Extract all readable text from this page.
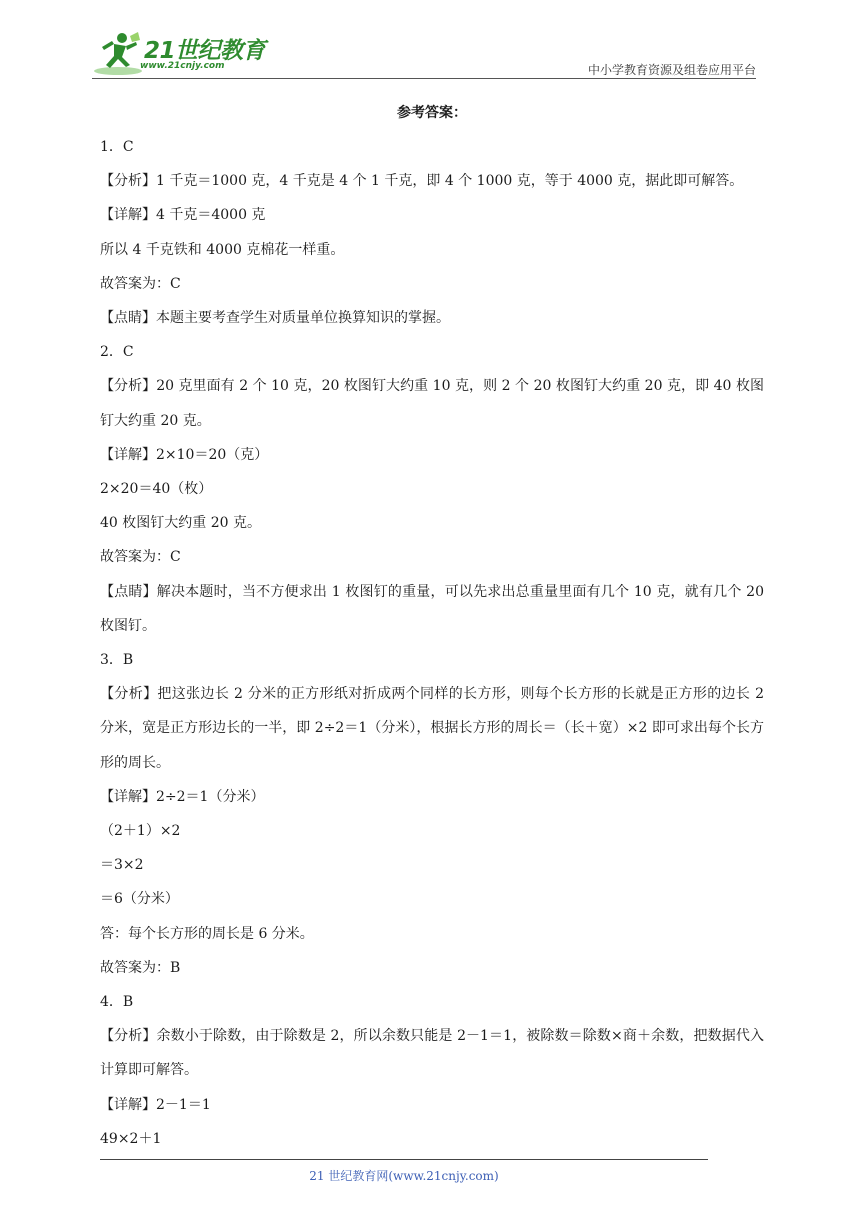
21世纪教育
www.21cnjy.com	中小学教育资源及组卷应用平台

参考答案：

1．C

【分析】1 千克＝1000 克，4 千克是 4 个 1 千克，即 4 个 1000 克，等于 4000 克，据此即可解答。

【详解】4 千克＝4000 克

所以 4 千克铁和 4000 克棉花一样重。

故答案为：C

【点睛】本题主要考查学生对质量单位换算知识的掌握。

2．C

【分析】20 克里面有 2 个 10 克，20 枚图钉大约重 10 克，则 2 个 20 枚图钉大约重 20 克，即 40 枚图钉大约重 20 克。

【详解】2×10＝20（克）

2×20＝40（枚）

40 枚图钉大约重 20 克。

故答案为：C

【点睛】解决本题时，当不方便求出 1 枚图钉的重量，可以先求出总重量里面有几个 10 克，就有几个 20 枚图钉。

3．B

【分析】把这张边长 2 分米的正方形纸对折成两个同样的长方形，则每个长方形的长就是正方形的边长 2 分米，宽是正方形边长的一半，即 2÷2＝1（分米），根据长方形的周长＝（长＋宽）×2 即可求出每个长方形的周长。

【详解】2÷2＝1（分米）

（2＋1）×2

＝3×2

＝6（分米）

答：每个长方形的周长是 6 分米。

故答案为：B

4．B

【分析】余数小于除数，由于除数是 2，所以余数只能是 2－1＝1，被除数＝除数×商＋余数，把数据代入计算即可解答。

【详解】2－1＝1

49×2＋1

21 世纪教育网(www.21cnjy.com)
